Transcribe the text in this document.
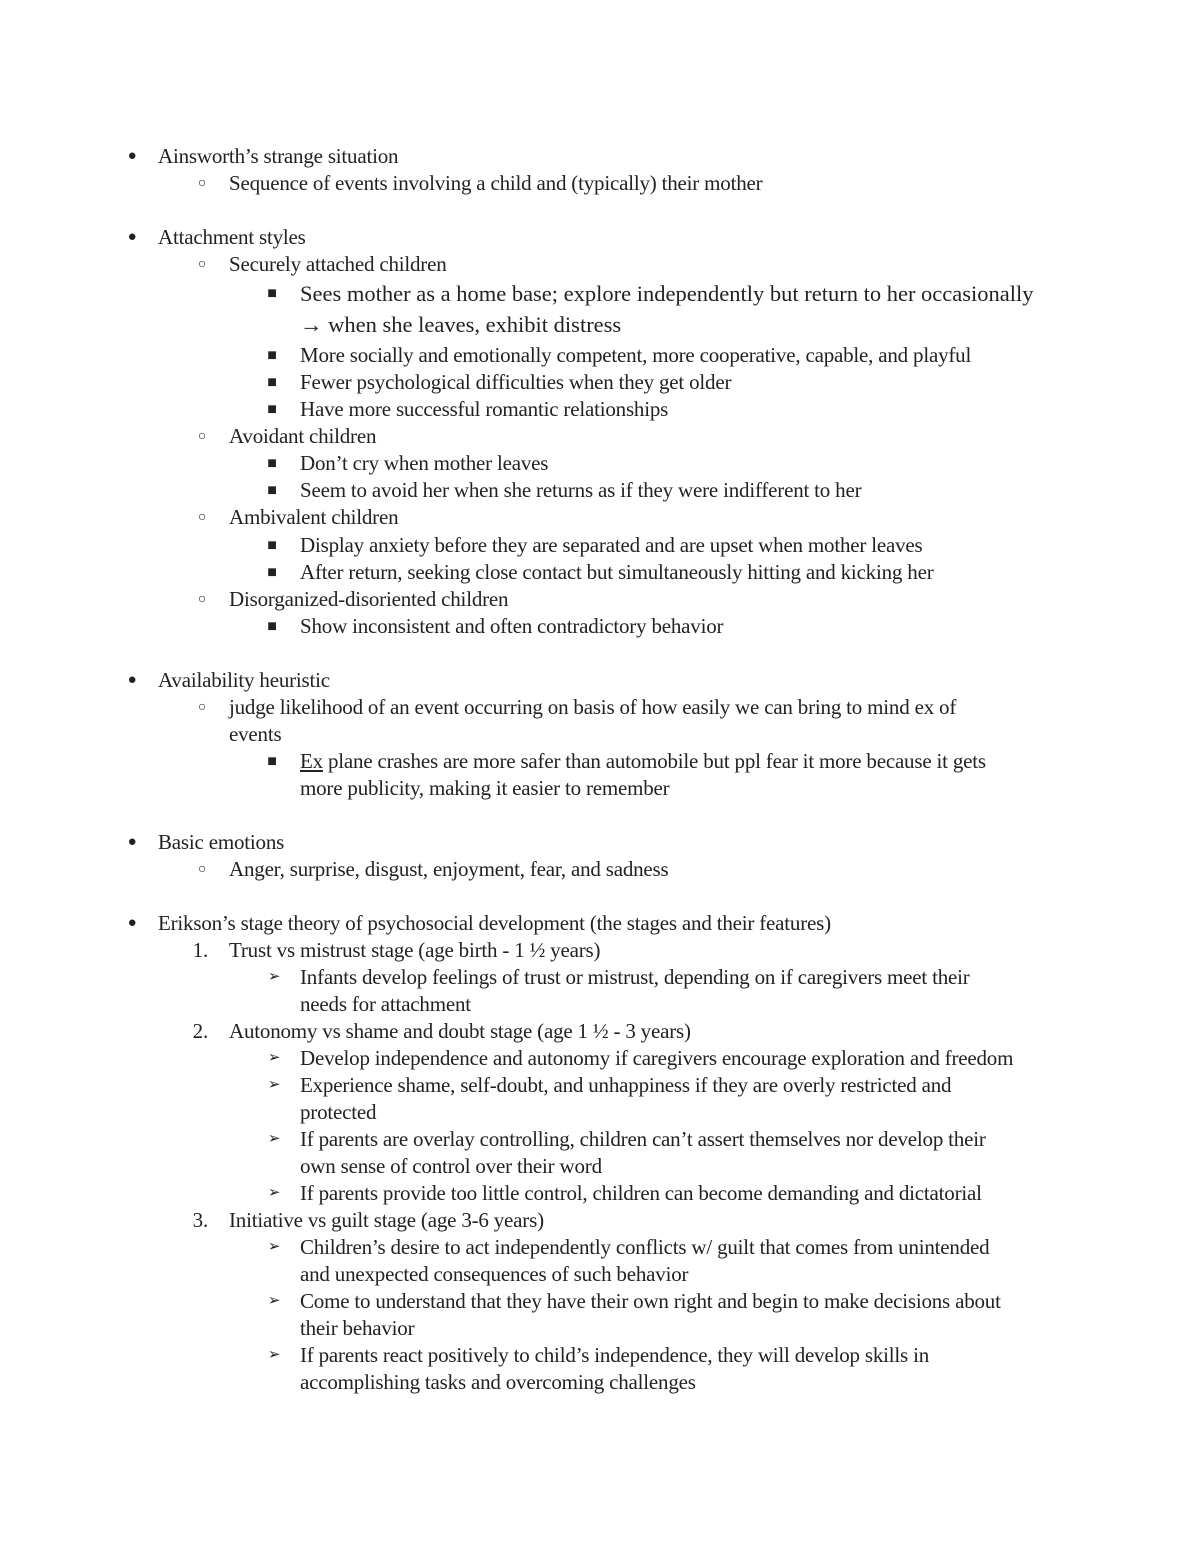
● Ainsworth’s strange situation
○ Sequence of events involving a child and (typically) their mother
● Attachment styles
○ Securely attached children
■ Sees mother as a home base; explore independently but return to her occasionally
→ when she leaves, exhibit distress
■ More socially and emotionally competent, more cooperative, capable, and playful
■ Fewer psychological difficulties when they get older
■ Have more successful romantic relationships
○ Avoidant children
■ Don’t cry when mother leaves
■ Seem to avoid her when she returns as if they were indifferent to her
○ Ambivalent children
■ Display anxiety before they are separated and are upset when mother leaves
■ After return, seeking close contact but simultaneously hitting and kicking her
○ Disorganized-disoriented children
■ Show inconsistent and often contradictory behavior
● Availability heuristic
○ judge likelihood of an event occurring on basis of how easily we can bring to mind ex of
events
■ Ex plane crashes are more safer than automobile but ppl fear it more because it gets
more publicity, making it easier to remember
● Basic emotions
○ Anger, surprise, disgust, enjoyment, fear, and sadness
● Erikson’s stage theory of psychosocial development (the stages and their features)
1. Trust vs mistrust stage (age birth - 1 ½ years)
➢ Infants develop feelings of trust or mistrust, depending on if caregivers meet their
needs for attachment
2. Autonomy vs shame and doubt stage (age 1 ½ - 3 years)
➢ Develop independence and autonomy if caregivers encourage exploration and freedom
➢ Experience shame, self-doubt, and unhappiness if they are overly restricted and
protected
➢ If parents are overlay controlling, children can’t assert themselves nor develop their
own sense of control over their word
➢ If parents provide too little control, children can become demanding and dictatorial
3. Initiative vs guilt stage (age 3-6 years)
➢ Children’s desire to act independently conflicts w/ guilt that comes from unintended
and unexpected consequences of such behavior
➢ Come to understand that they have their own right and begin to make decisions about
their behavior
➢ If parents react positively to child’s independence, they will develop skills in
accomplishing tasks and overcoming challenges
